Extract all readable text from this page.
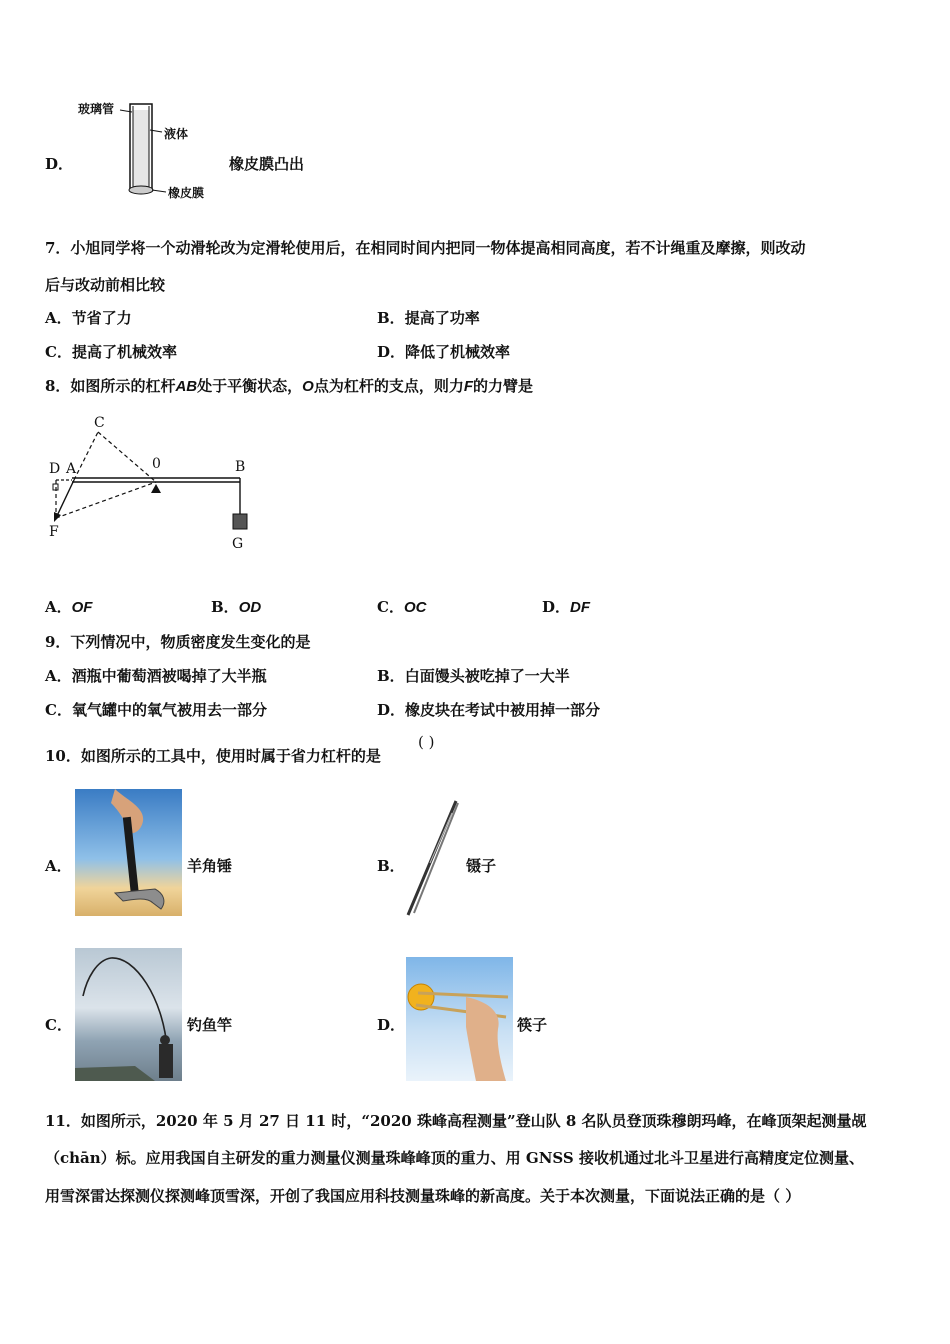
D．
玻璃管
液体
橡皮膜
橡皮膜凸出
7．小旭同学将一个动滑轮改为定滑轮使用后，在相同时间内把同一物体提高相同高度，若不计绳重及摩擦，则改动
后与改动前相比较
A．节省了力	B．提高了功率
C．提高了机械效率	D．降低了机械效率
8．如图所示的杠杆AB处于平衡状态，O点为杠杆的支点，则力F的力臂是
C
D A	0	B
F
G
A．OF	B．OD	C．OC	D．DF
9．下列情况中，物质密度发生变化的是
A．酒瓶中葡萄酒被喝掉了大半瓶	B．白面馒头被吃掉了一大半
C．氧气罐中的氧气被用去一部分	D．橡皮块在考试中被用掉一部分
10．如图所示的工具中，使用时属于省力杠杆的是
( )
A．	羊角锤	B．	镊子
C．	钓鱼竿	D．	筷子
11．如图所示，2020 年 5 月 27 日 11 时，“2020 珠峰高程测量”登山队 8 名队员登顶珠穆朗玛峰，在峰顶架起测量觇
（chān）标。应用我国自主研发的重力测量仪测量珠峰峰顶的重力、用 GNSS 接收机通过北斗卫星进行高精度定位测量、
用雪深雷达探测仪探测峰顶雪深，开创了我国应用科技测量珠峰的新高度。关于本次测量，下面说法正确的是（ ）
